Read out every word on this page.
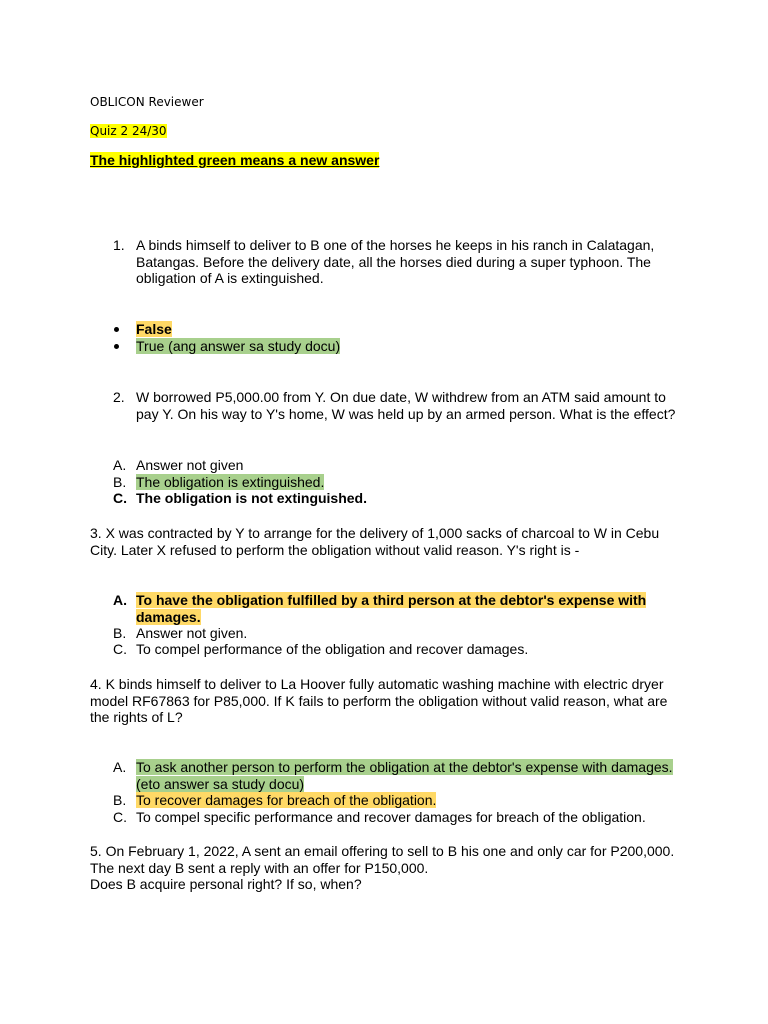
OBLICON Reviewer
Quiz 2 24/30
The highlighted green means a new answer
1. A binds himself to deliver to B one of the horses he keeps in his ranch in Calatagan,
Batangas. Before the delivery date, all the horses died during a super typhoon. The
obligation of A is extinguished.
False
True (ang answer sa study docu)
2. W borrowed P5,000.00 from Y. On due date, W withdrew from an ATM said amount to
pay Y. On his way to Y's home, W was held up by an armed person. What is the effect?
A. Answer not given
B. The obligation is extinguished.
C. The obligation is not extinguished.
3. X was contracted by Y to arrange for the delivery of 1,000 sacks of charcoal to W in Cebu
City. Later X refused to perform the obligation without valid reason. Y's right is -
A. To have the obligation fulfilled by a third person at the debtor's expense with
damages.
B. Answer not given.
C. To compel performance of the obligation and recover damages.
4. K binds himself to deliver to La Hoover fully automatic washing machine with electric dryer
model RF67863 for P85,000. If K fails to perform the obligation without valid reason, what are
the rights of L?
A. To ask another person to perform the obligation at the debtor's expense with damages.
(eto answer sa study docu)
B. To recover damages for breach of the obligation.
C. To compel specific performance and recover damages for breach of the obligation.
5. On February 1, 2022, A sent an email offering to sell to B his one and only car for P200,000.
The next day B sent a reply with an offer for P150,000.
Does B acquire personal right? If so, when?
